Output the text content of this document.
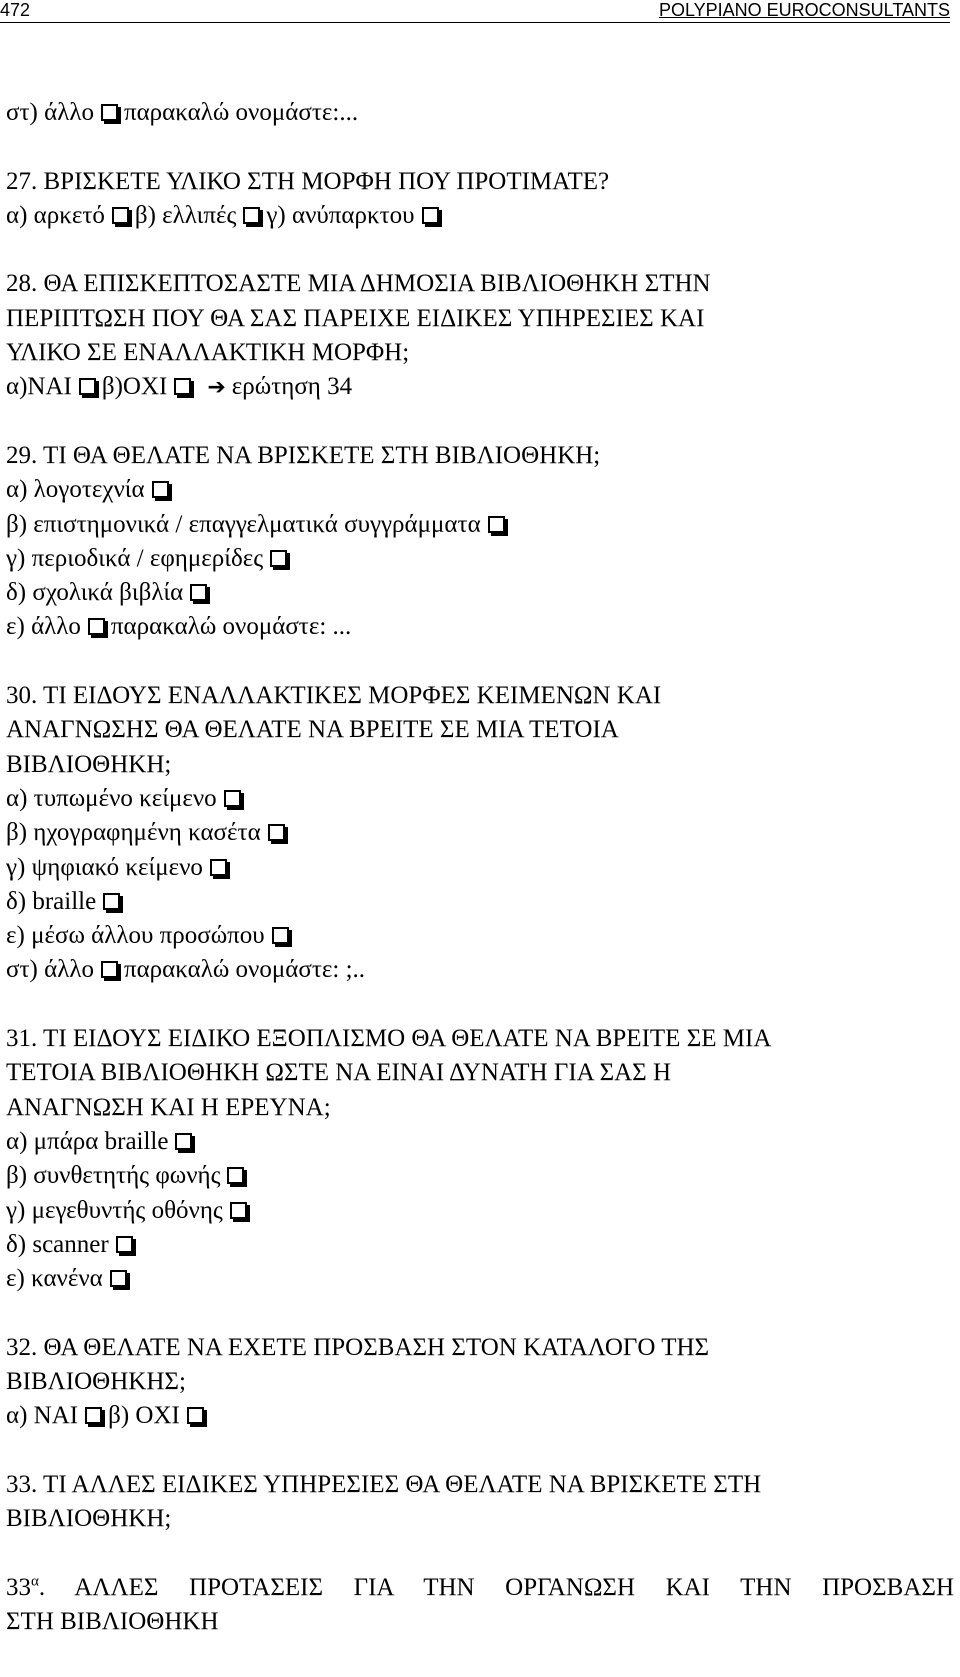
472	POLYPIANO EUROCONSULTANTS
στ) άλλο παρακαλώ ονομάστε:...
27. ΒΡΙΣΚΕΤΕ ΥΛΙΚΟ ΣΤΗ ΜΟΡΦΗ ΠΟΥ ΠΡΟΤΙΜΑΤΕ?
α) αρκετό β) ελλιπές γ) ανύπαρκτου
28. ΘΑ ΕΠΙΣΚΕΠΤΟΣΑΣΤΕ ΜΙΑ ΔΗΜΟΣΙΑ ΒΙΒΛΙΟΘΗΚΗ ΣΤΗΝ
ΠΕΡΙΠΤΩΣΗ ΠΟΥ ΘΑ ΣΑΣ ΠΑΡΕΙΧΕ ΕΙΔΙΚΕΣ ΥΠΗΡΕΣΙΕΣ ΚΑΙ
ΥΛΙΚΟ ΣΕ ΕΝΑΛΛΑΚΤΙΚΗ ΜΟΡΦΗ;
α)ΝΑΙ β)ΟΧΙ ➔ ερώτηση 34
29. ΤΙ ΘΑ ΘΕΛΑΤΕ ΝΑ ΒΡΙΣΚΕΤΕ ΣΤΗ ΒΙΒΛΙΟΘΗΚΗ;
α) λογοτεχνία
β) επιστημονικά / επαγγελματικά συγγράμματα
γ) περιοδικά / εφημερίδες
δ) σχολικά βιβλία
ε) άλλο παρακαλώ ονομάστε: ...
30. ΤΙ ΕΙΔΟΥΣ ΕΝΑΛΛΑΚΤΙΚΕΣ ΜΟΡΦΕΣ ΚΕΙΜΕΝΩΝ ΚΑΙ
ΑΝΑΓΝΩΣΗΣ ΘΑ ΘΕΛΑΤΕ ΝΑ ΒΡΕΙΤΕ ΣΕ ΜΙΑ ΤΕΤΟΙΑ
ΒΙΒΛΙΟΘΗΚΗ;
α) τυπωμένο κείμενο
β) ηχογραφημένη κασέτα
γ) ψηφιακό κείμενο
δ) braille
ε) μέσω άλλου προσώπου
στ) άλλο παρακαλώ ονομάστε: ;..
31. ΤΙ ΕΙΔΟΥΣ ΕΙΔΙΚΟ ΕΞΟΠΛΙΣΜΟ ΘΑ ΘΕΛΑΤΕ ΝΑ ΒΡΕΙΤΕ ΣΕ ΜΙΑ
ΤΕΤΟΙΑ ΒΙΒΛΙΟΘΗΚΗ ΩΣΤΕ ΝΑ ΕΙΝΑΙ ΔΥΝΑΤΗ ΓΙΑ ΣΑΣ Η
ΑΝΑΓΝΩΣΗ ΚΑΙ Η ΕΡΕΥΝΑ;
α) μπάρα braille
β) συνθετητής φωνής
γ) μεγεθυντής οθόνης
δ) scanner
ε) κανένα
32. ΘΑ ΘΕΛΑΤΕ ΝΑ ΕΧΕΤΕ ΠΡΟΣΒΑΣΗ ΣΤΟΝ ΚΑΤΑΛΟΓΟ ΤΗΣ
ΒΙΒΛΙΟΘΗΚΗΣ;
α) ΝΑΙ β) ΟΧΙ
33. ΤΙ ΑΛΛΕΣ ΕΙΔΙΚΕΣ ΥΠΗΡΕΣΙΕΣ ΘΑ ΘΕΛΑΤΕ ΝΑ ΒΡΙΣΚΕΤΕ ΣΤΗ
ΒΙΒΛΙΟΘΗΚΗ;
$33^\alpha$. ΑΛΛΕΣ ΠΡΟΤΑΣΕΙΣ ΓΙΑ ΤΗΝ ΟΡΓΑΝΩΣΗ ΚΑΙ ΤΗΝ ΠΡΟΣΒΑΣΗ
ΣΤΗ ΒΙΒΛΙΟΘΗΚΗ
